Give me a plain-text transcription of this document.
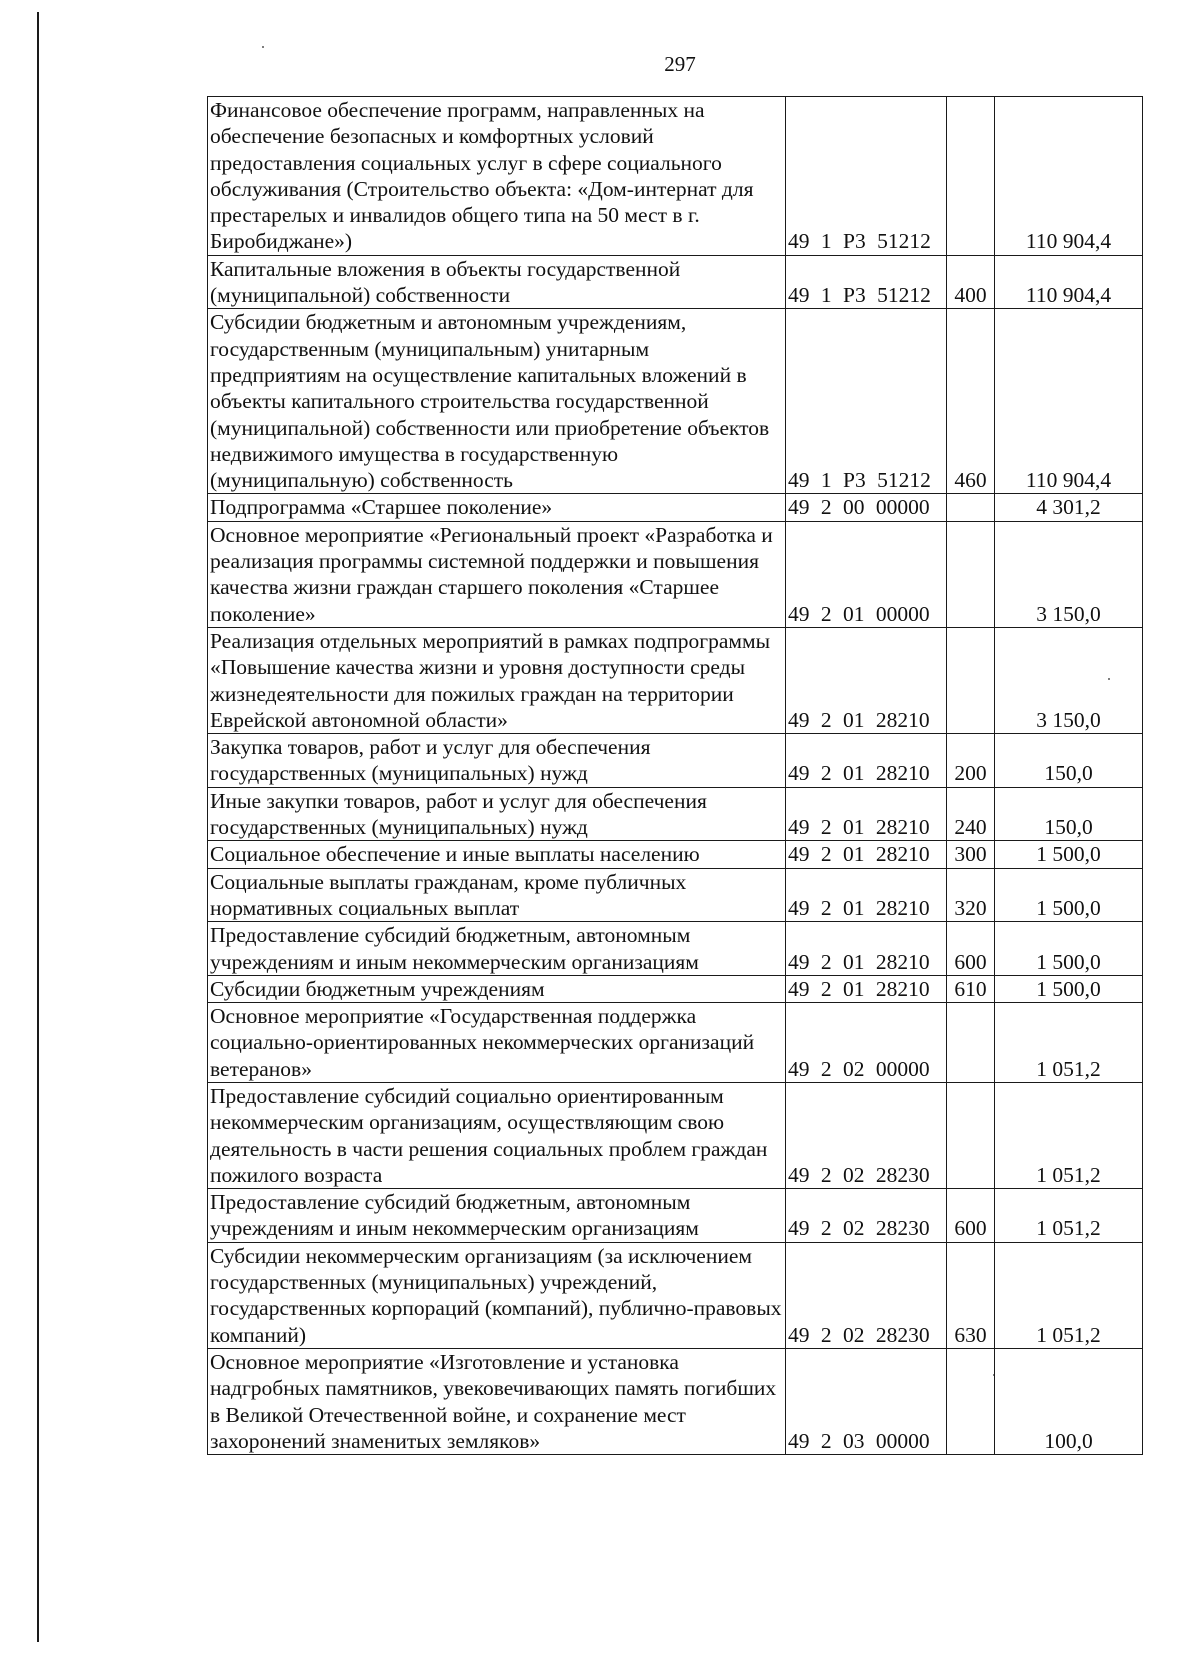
297
Финансовое обеспечение программ, направленных на обеспечение безопасных и комфортных условий предоставления социальных услуг в сфере социального обслуживания (Строительство объекта: «Дом-интернат для престарелых и инвалидов общего типа на 50 мест в г. Биробиджане»)	49 1 Р3 51212		110 904,4
Капитальные вложения в объекты государственной (муниципальной) собственности	49 1 Р3 51212	400	110 904,4
Субсидии бюджетным и автономным учреждениям, государственным (муниципальным) унитарным предприятиям на осуществление капитальных вложений в объекты капитального строительства государственной (муниципальной) собственности или приобретение объектов недвижимого имущества в государственную (муниципальную) собственность	49 1 Р3 51212	460	110 904,4
Подпрограмма «Старшее поколение»	49 2 00 00000		4 301,2
Основное мероприятие «Региональный проект «Разработка и реализация программы системной поддержки и повышения качества жизни граждан старшего поколения «Старшее поколение»	49 2 01 00000		3 150,0
Реализация отдельных мероприятий в рамках подпрограммы «Повышение качества жизни и уровня доступности среды жизнедеятельности для пожилых граждан на территории Еврейской автономной области»	49 2 01 28210		3 150,0
Закупка товаров, работ и услуг для обеспечения государственных (муниципальных) нужд	49 2 01 28210	200	150,0
Иные закупки товаров, работ и услуг для обеспечения государственных (муниципальных) нужд	49 2 01 28210	240	150,0
Социальное обеспечение и иные выплаты населению	49 2 01 28210	300	1 500,0
Социальные выплаты гражданам, кроме публичных нормативных социальных выплат	49 2 01 28210	320	1 500,0
Предоставление субсидий бюджетным, автономным учреждениям и иным некоммерческим организациям	49 2 01 28210	600	1 500,0
Субсидии бюджетным учреждениям	49 2 01 28210	610	1 500,0
Основное мероприятие «Государственная поддержка социально-ориентированных некоммерческих организаций ветеранов»	49 2 02 00000		1 051,2
Предоставление субсидий социально ориентированным некоммерческим организациям, осуществляющим свою деятельность в части решения социальных проблем граждан пожилого возраста	49 2 02 28230		1 051,2
Предоставление субсидий бюджетным, автономным учреждениям и иным некоммерческим организациям	49 2 02 28230	600	1 051,2
Субсидии некоммерческим организациям (за исключением государственных (муниципальных) учреждений, государственных корпораций (компаний), публично-правовых компаний)	49 2 02 28230	630	1 051,2
Основное мероприятие «Изготовление и установка надгробных памятников, увековечивающих память погибших в Великой Отечественной войне, и сохранение мест захоронений знаменитых земляков»	49 2 03 00000		100,0
